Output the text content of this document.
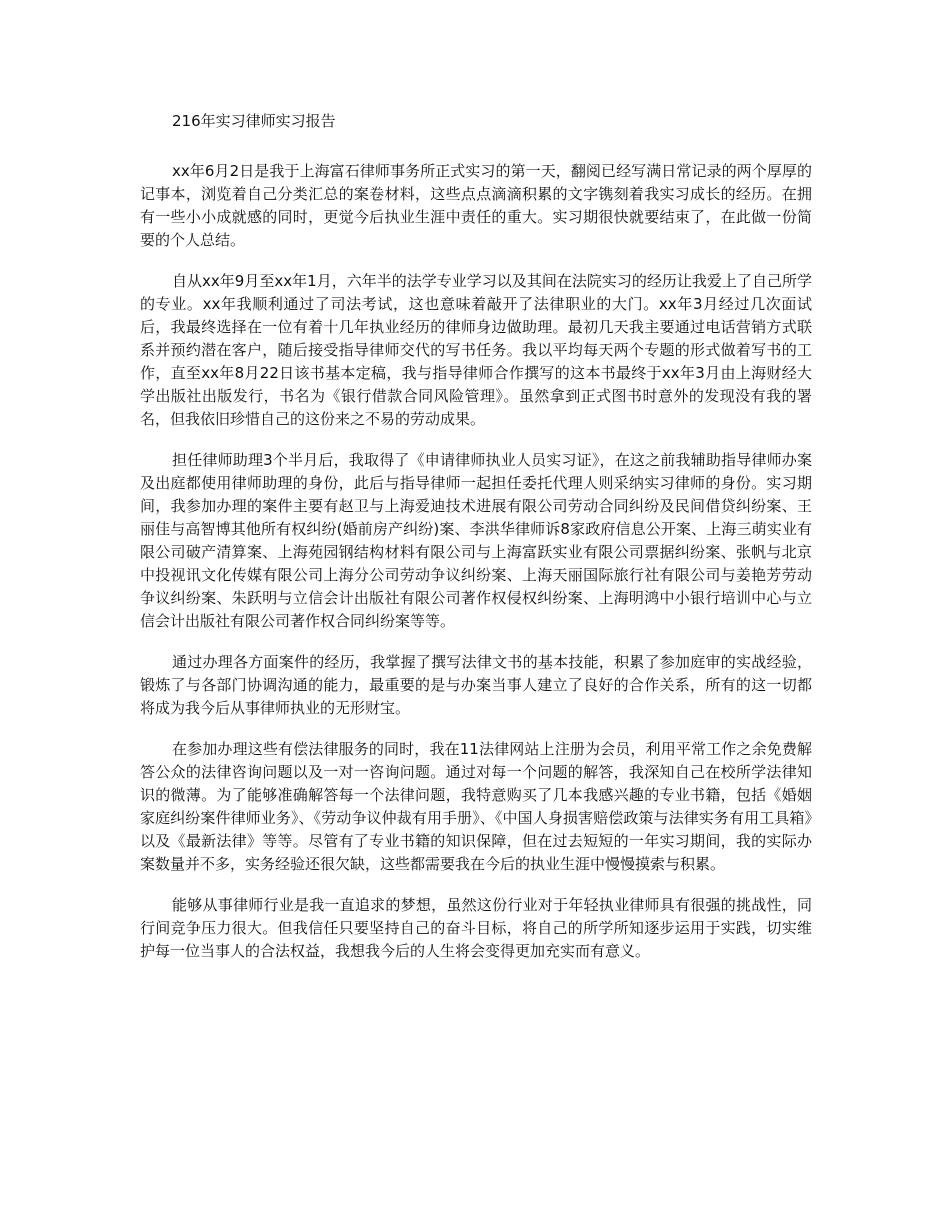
216年实习律师实习报告

xx年6月2日是我于上海富石律师事务所正式实习的第一天，翻阅已经写满日常记录的两个厚厚的记事本，浏览着自己分类汇总的案卷材料，这些点点滴滴积累的文字镌刻着我实习成长的经历。在拥有一些小小成就感的同时，更觉今后执业生涯中责任的重大。实习期很快就要结束了，在此做一份简要的个人总结。

自从xx年9月至xx年1月，六年半的法学专业学习以及其间在法院实习的经历让我爱上了自己所学的专业。xx年我顺利通过了司法考试，这也意味着敲开了法律职业的大门。xx年3月经过几次面试后，我最终选择在一位有着十几年执业经历的律师身边做助理。最初几天我主要通过电话营销方式联系并预约潜在客户，随后接受指导律师交代的写书任务。我以平均每天两个专题的形式做着写书的工作，直至xx年8月22日该书基本定稿，我与指导律师合作撰写的这本书最终于xx年3月由上海财经大学出版社出版发行，书名为《银行借款合同风险管理》。虽然拿到正式图书时意外的发现没有我的署名，但我依旧珍惜自己的这份来之不易的劳动成果。

担任律师助理3个半月后，我取得了《申请律师执业人员实习证》，在这之前我辅助指导律师办案及出庭都使用律师助理的身份，此后与指导律师一起担任委托代理人则采纳实习律师的身份。实习期间，我参加办理的案件主要有赵卫与上海爱迪技术进展有限公司劳动合同纠纷及民间借贷纠纷案、王丽佳与高智博其他所有权纠纷(婚前房产纠纷)案、李洪华律师诉8家政府信息公开案、上海三萌实业有限公司破产清算案、上海苑园钢结构材料有限公司与上海富跃实业有限公司票据纠纷案、张帆与北京中投视讯文化传媒有限公司上海分公司劳动争议纠纷案、上海天丽国际旅行社有限公司与姜艳芳劳动争议纠纷案、朱跃明与立信会计出版社有限公司著作权侵权纠纷案、上海明鸿中小银行培训中心与立信会计出版社有限公司著作权合同纠纷案等等。

通过办理各方面案件的经历，我掌握了撰写法律文书的基本技能，积累了参加庭审的实战经验，锻炼了与各部门协调沟通的能力，最重要的是与办案当事人建立了良好的合作关系，所有的这一切都将成为我今后从事律师执业的无形财宝。

在参加办理这些有偿法律服务的同时，我在11法律网站上注册为会员，利用平常工作之余免费解答公众的法律咨询问题以及一对一咨询问题。通过对每一个问题的解答，我深知自己在校所学法律知识的微薄。为了能够准确解答每一个法律问题，我特意购买了几本我感兴趣的专业书籍，包括《婚姻家庭纠纷案件律师业务》、《劳动争议仲裁有用手册》、《中国人身损害赔偿政策与法律实务有用工具箱》以及《最新法律》等等。尽管有了专业书籍的知识保障，但在过去短短的一年实习期间，我的实际办案数量并不多，实务经验还很欠缺，这些都需要我在今后的执业生涯中慢慢摸索与积累。

能够从事律师行业是我一直追求的梦想，虽然这份行业对于年轻执业律师具有很强的挑战性，同行间竞争压力很大。但我信任只要坚持自己的奋斗目标，将自己的所学所知逐步运用于实践，切实维护每一位当事人的合法权益，我想我今后的人生将会变得更加充实而有意义。
